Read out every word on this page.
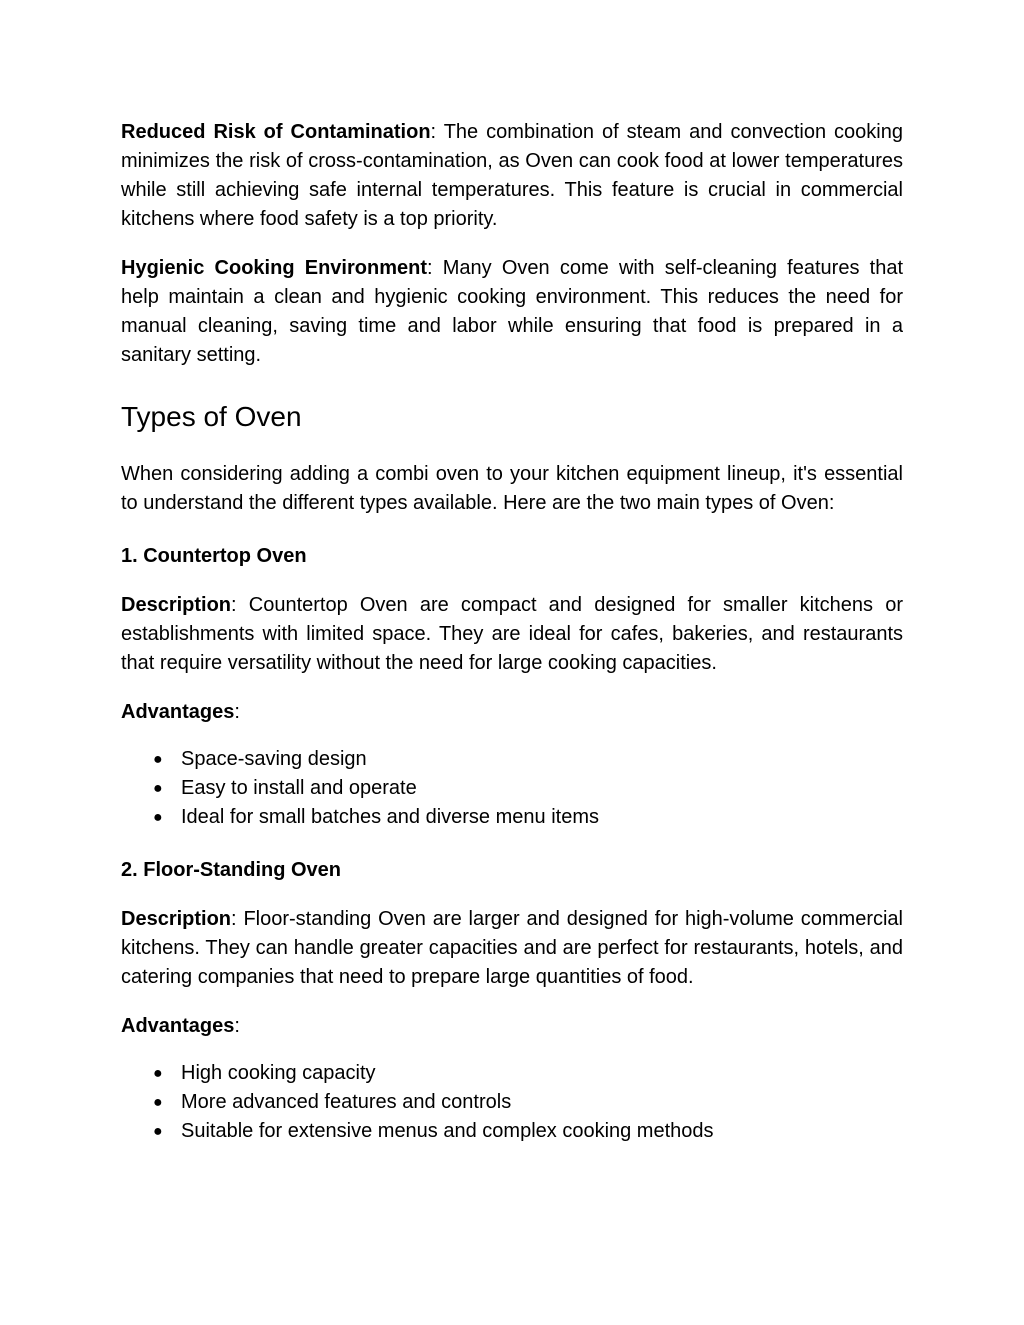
Reduced Risk of Contamination: The combination of steam and convection cooking minimizes the risk of cross-contamination, as Oven can cook food at lower temperatures while still achieving safe internal temperatures. This feature is crucial in commercial kitchens where food safety is a top priority.

Hygienic Cooking Environment: Many Oven come with self-cleaning features that help maintain a clean and hygienic cooking environment. This reduces the need for manual cleaning, saving time and labor while ensuring that food is prepared in a sanitary setting.

Types of Oven

When considering adding a combi oven to your kitchen equipment lineup, it's essential to understand the different types available. Here are the two main types of Oven:

1. Countertop Oven

Description: Countertop Oven are compact and designed for smaller kitchens or establishments with limited space. They are ideal for cafes, bakeries, and restaurants that require versatility without the need for large cooking capacities.

Advantages:

● Space-saving design
● Easy to install and operate
● Ideal for small batches and diverse menu items
2. Floor-Standing Oven

Description: Floor-standing Oven are larger and designed for high-volume commercial kitchens. They can handle greater capacities and are perfect for restaurants, hotels, and catering companies that need to prepare large quantities of food.

Advantages:

● High cooking capacity
● More advanced features and controls
● Suitable for extensive menus and complex cooking methods
